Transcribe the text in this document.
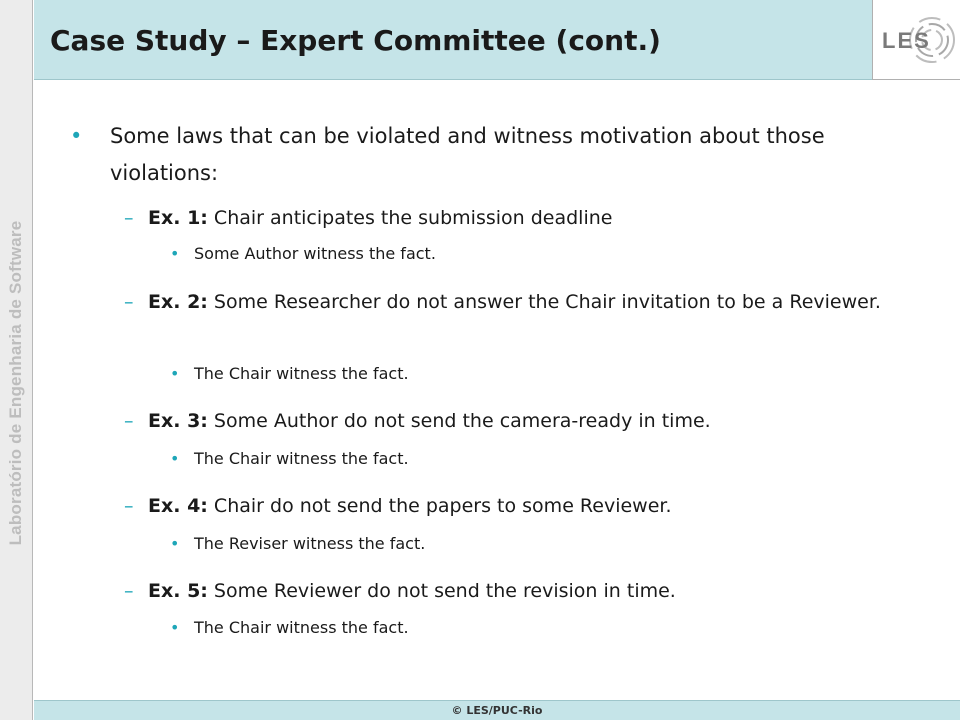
Laboratório de Engenharia de Software
Case Study – Expert Committee (cont.)	LES
• Some laws that can be violated and witness motivation about those violations:
– Ex. 1: Chair anticipates the submission deadline
• Some Author witness the fact.
– Ex. 2: Some Researcher do not answer the Chair invitation to be a Reviewer.
• The Chair witness the fact.
– Ex. 3: Some Author do not send the camera-ready in time.
• The Chair witness the fact.
– Ex. 4: Chair do not send the papers to some Reviewer.
• The Reviser witness the fact.
– Ex. 5: Some Reviewer do not send the revision in time.
• The Chair witness the fact.
© LES/PUC-Rio
